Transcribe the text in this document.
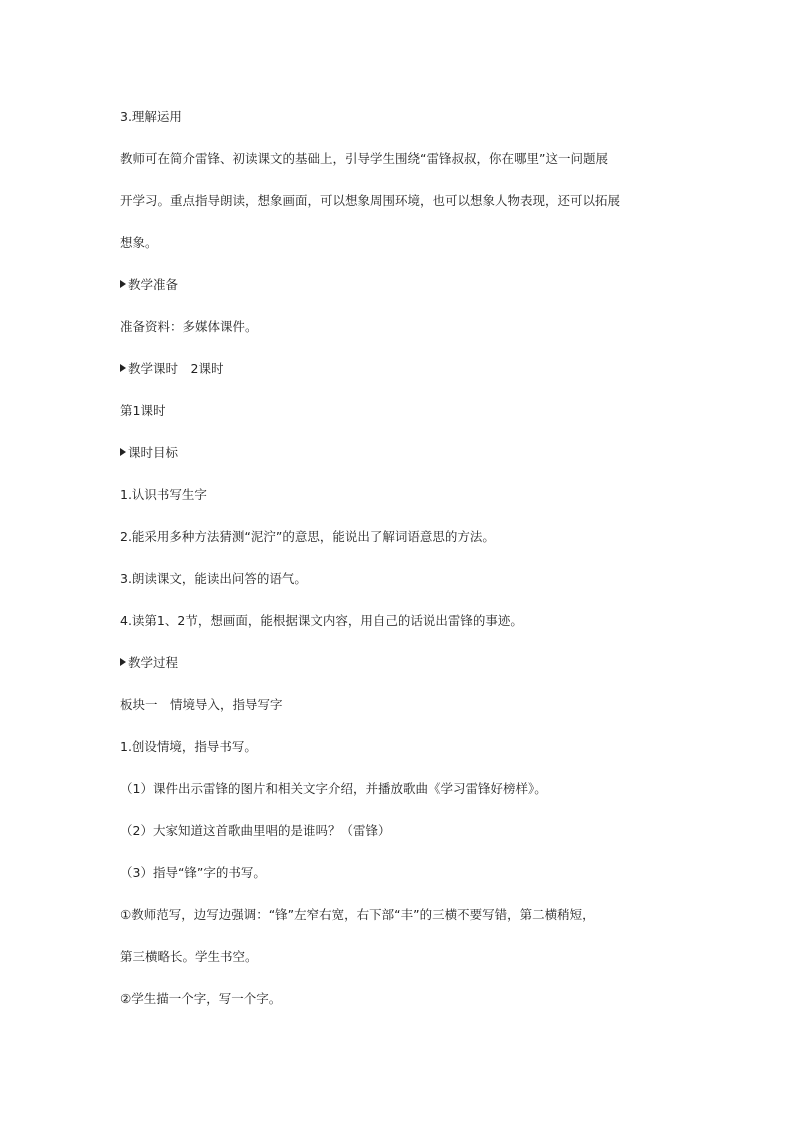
3.理解运用

教师可在简介雷锋、初读课文的基础上，引导学生围绕“雷锋叔叔，你在哪里”这一问题展

开学习。重点指导朗读，想象画面，可以想象周围环境，也可以想象人物表现，还可以拓展

想象。

教学准备

准备资料：多媒体课件。

教学课时　2课时

第1课时

课时目标

1.认识书写生字

2.能采用多种方法猜测“泥泞”的意思，能说出了解词语意思的方法。

3.朗读课文，能读出问答的语气。

4.读第1、2节，想画面，能根据课文内容，用自己的话说出雷锋的事迹。

教学过程

板块一　情境导入，指导写字

1.创设情境，指导书写。

（1）课件出示雷锋的图片和相关文字介绍，并播放歌曲《学习雷锋好榜样》。

（2）大家知道这首歌曲里唱的是谁吗？（雷锋）

（3）指导“锋”字的书写。

①教师范写，边写边强调：“锋”左窄右宽，右下部“丰”的三横不要写错，第二横稍短，

第三横略长。学生书空。

②学生描一个字，写一个字。
